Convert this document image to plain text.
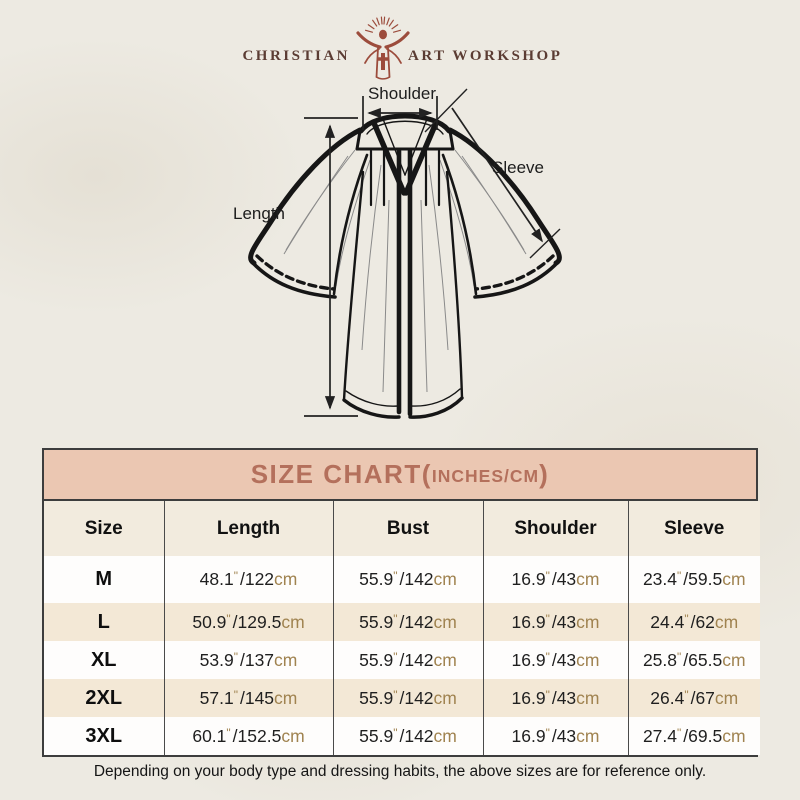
CHRISTIAN	ART WORKSHOP
Shoulder
Sleeve
Length
SIZE CHART ( INCHES/CM )
Size	Length	Bust	Shoulder	Sleeve
M	48.1"/122cm	55.9"/142cm	16.9"/43cm	23.4"/59.5cm
L	50.9"/129.5cm	55.9"/142cm	16.9"/43cm	24.4"/62cm
XL	53.9"/137cm	55.9"/142cm	16.9"/43cm	25.8"/65.5cm
2XL	57.1"/145cm	55.9"/142cm	16.9"/43cm	26.4"/67cm
3XL	60.1"/152.5cm	55.9"/142cm	16.9"/43cm	27.4"/69.5cm
Depending on your body type and dressing habits, the above sizes are for reference only.
